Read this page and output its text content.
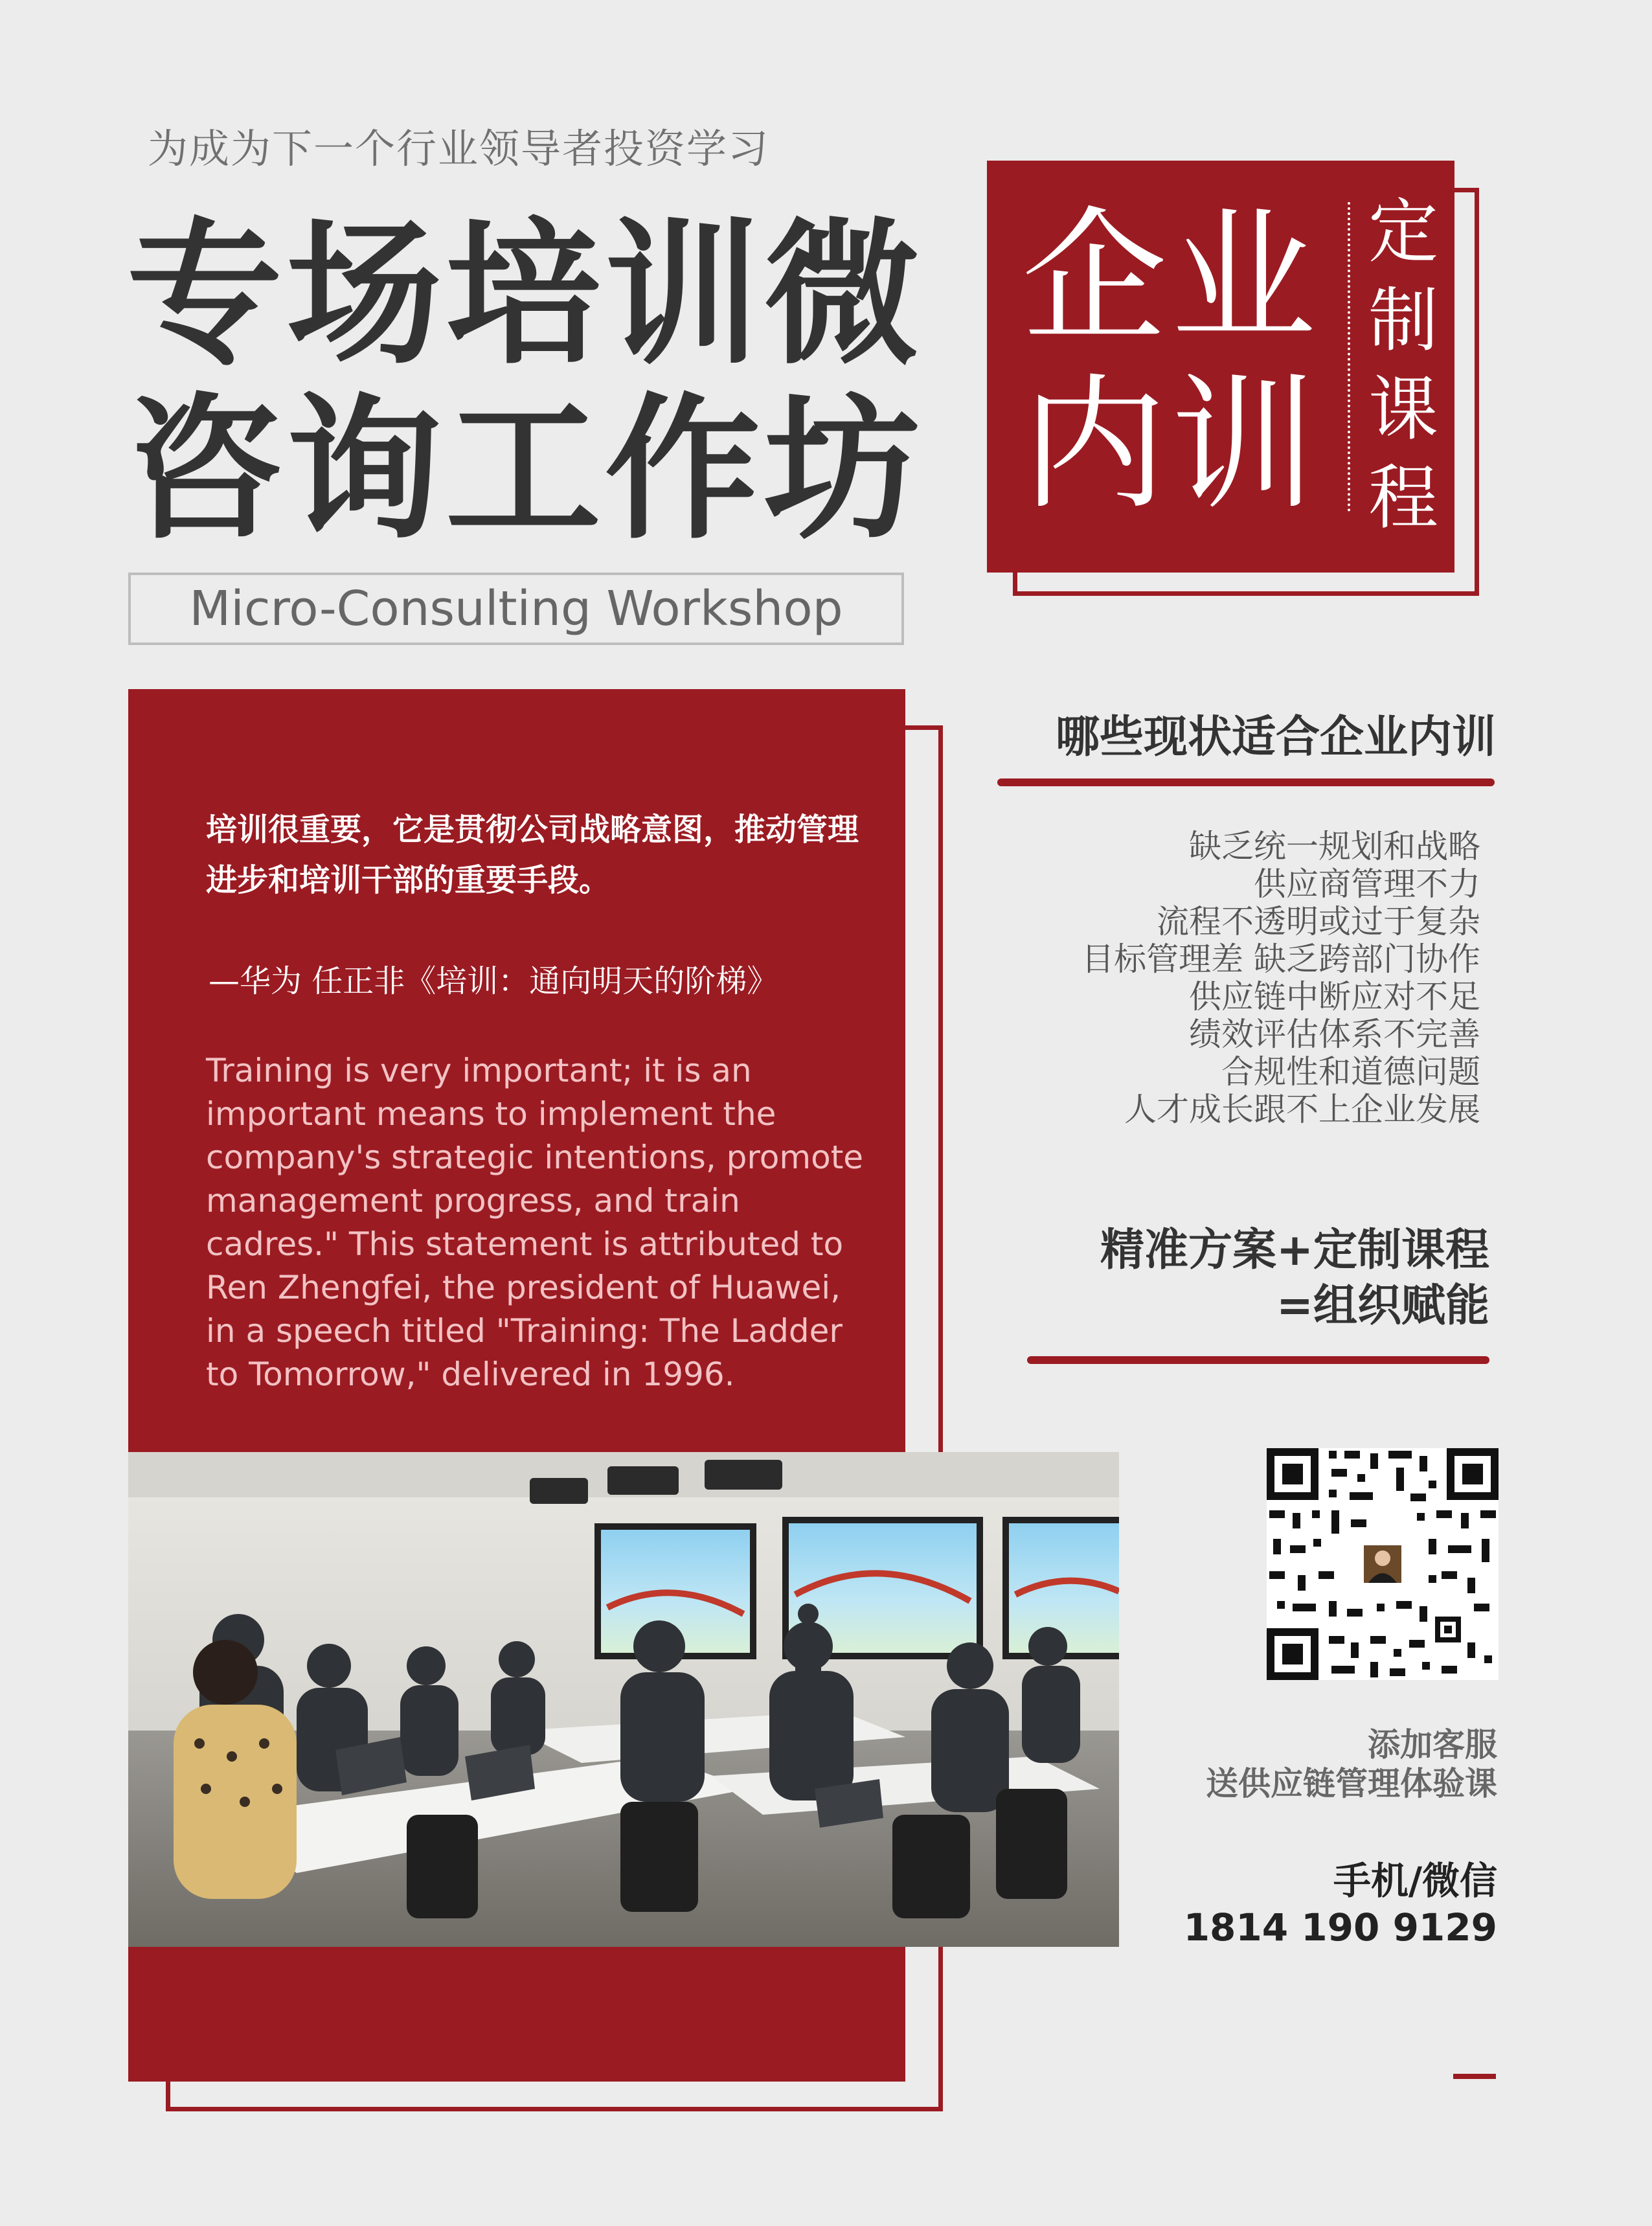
为成为下一个行业领导者投资学习
专场培训微
咨询工作坊
Micro-Consulting Workshop
企业
内训
定
制
课
程
培训很重要，它是贯彻公司战略意图，推动管理进步和培训干部的重要手段。
—华为 任正非《培训：通向明天的阶梯》
Training is very important; it is an important means to implement the company's strategic intentions, promote management progress, and train cadres." This statement is attributed to Ren Zhengfei, the president of Huawei, in a speech titled "Training: The Ladder to Tomorrow," delivered in 1996.
哪些现状适合企业内训
缺乏统一规划和战略
供应商管理不力
流程不透明或过于复杂
目标管理差 缺乏跨部门协作
供应链中断应对不足
绩效评估体系不完善
合规性和道德问题
人才成长跟不上企业发展
精准方案+定制课程
=组织赋能
添加客服
送供应链管理体验课
手机/微信
1814 190 9129
